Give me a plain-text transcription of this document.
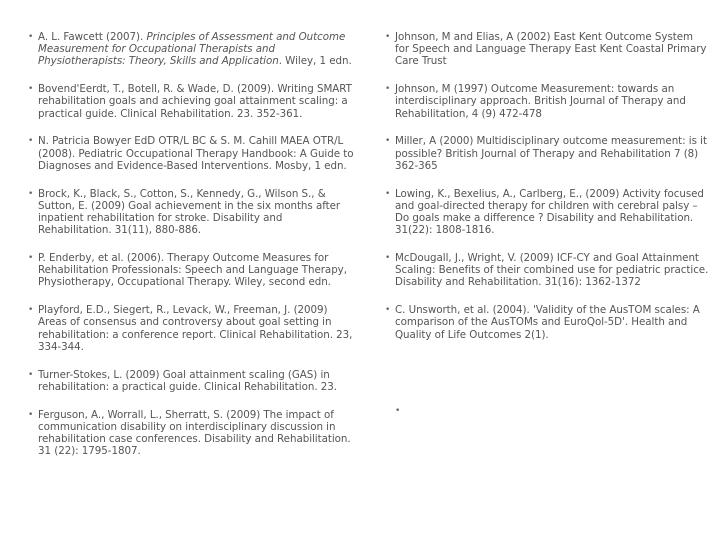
• A. L. Fawcett (2007). Principles of Assessment and Outcome Measurement for Occupational Therapists and Physiotherapists: Theory, Skills and Application. Wiley, 1 edn.
• Bovend'Eerdt, T., Botell, R. & Wade, D. (2009). Writing SMART rehabilitation goals and achieving goal attainment scaling: a practical guide. Clinical Rehabilitation. 23. 352-361.
• N. Patricia Bowyer EdD OTR/L BC & S. M. Cahill MAEA OTR/L (2008). Pediatric Occupational Therapy Handbook: A Guide to Diagnoses and Evidence-Based Interventions. Mosby, 1 edn.
• Brock, K., Black, S., Cotton, S., Kennedy, G., Wilson S., & Sutton, E. (2009) Goal achievement in the six months after inpatient rehabilitation for stroke. Disability and Rehabilitation. 31(11), 880-886.
• P. Enderby, et al. (2006). Therapy Outcome Measures for Rehabilitation Professionals: Speech and Language Therapy, Physiotherapy, Occupational Therapy. Wiley, second edn.
• Playford, E.D., Siegert, R., Levack, W., Freeman, J. (2009) Areas of consensus and controversy about goal setting in rehabilitation: a conference report. Clinical Rehabilitation. 23, 334-344.
• Turner-Stokes, L. (2009) Goal attainment scaling (GAS) in rehabilitation: a practical guide. Clinical Rehabilitation. 23.
• Ferguson, A., Worrall, L., Sherratt, S. (2009) The impact of communication disability on interdisciplinary discussion in rehabilitation case conferences. Disability and Rehabilitation. 31 (22): 1795-1807.
• Johnson, M and Elias, A (2002) East Kent Outcome System for Speech and Language Therapy East Kent Coastal Primary Care Trust
• Johnson, M (1997) Outcome Measurement: towards an interdisciplinary approach. British Journal of Therapy and Rehabilitation, 4 (9) 472-478
• Miller, A (2000) Multidisciplinary outcome measurement: is it possible? British Journal of Therapy and Rehabilitation 7 (8) 362-365
• Lowing, K., Bexelius, A., Carlberg, E., (2009) Activity focused and goal-directed therapy for children with cerebral palsy – Do goals make a difference ? Disability and Rehabilitation. 31(22): 1808-1816.
• McDougall, J., Wright, V. (2009) ICF-CY and Goal Attainment Scaling: Benefits of their combined use for pediatric practice. Disability and Rehabilitation. 31(16): 1362-1372
• C. Unsworth, et al. (2004). 'Validity of the AusTOM scales: A comparison of the AusTOMs and EuroQol-5D'. Health and Quality of Life Outcomes 2(1).
•
